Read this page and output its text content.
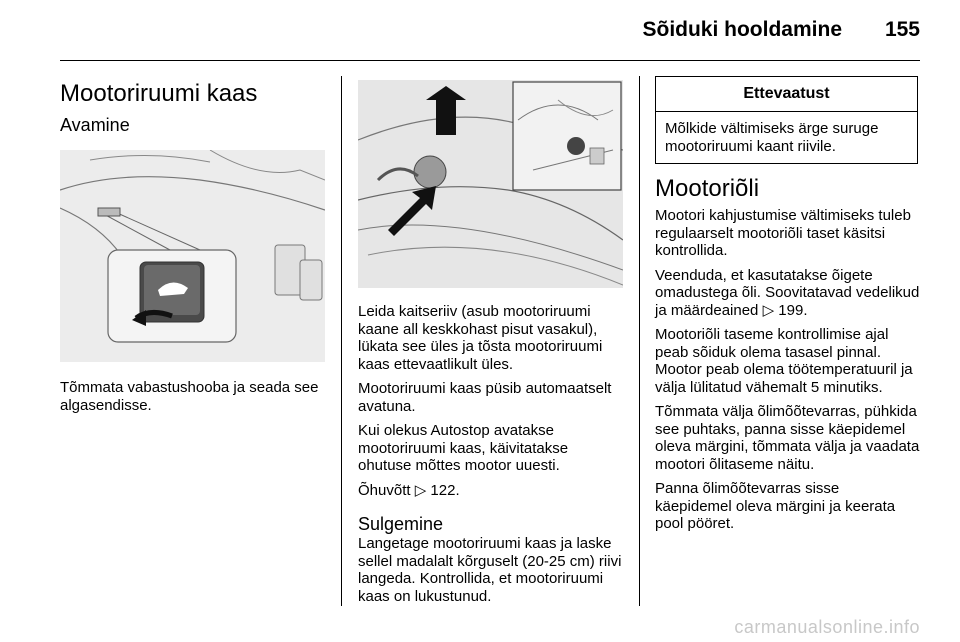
Sõiduki hooldamine 155
Mootoriruumi kaas
Avamine

Tõmmata vabastushooba ja seada see algasendisse.

Leida kaitseriiv (asub mootoriruumi kaane all keskkohast pisut vasakul), lükata see üles ja tõsta mootoriruumi kaas ettevaatlikult üles.

Mootoriruumi kaas püsib automaatselt avatuna.

Kui olekus Autostop avatakse mootoriruumi kaas, käivitatakse ohutuse mõttes mootor uuesti.

Õhuvõtt ▷ 122.

Sulgemine

Langetage mootoriruumi kaas ja laske sellel madalalt kõrguselt (20-25 cm) riivi langeda. Kontrollida, et mootoriruumi kaas on lukustunud.

Ettevaatust
Mõlkide vältimiseks ärge suruge mootoriruumi kaant riivile.
Mootoriõli

Mootori kahjustumise vältimiseks tuleb regulaarselt mootoriõli taset käsitsi kontrollida.

Veenduda, et kasutatakse õigete omadustega õli. Soovitatavad vedelikud ja määrdeained ▷ 199.

Mootoriõli taseme kontrollimise ajal peab sõiduk olema tasasel pinnal. Mootor peab olema töötemperatuuril ja välja lülitatud vähemalt 5 minutiks.

Tõmmata välja õlimõõtevarras, pühkida see puhtaks, panna sisse käepidemel oleva märgini, tõmmata välja ja vaadata mootori õlitaseme näitu.

Panna õlimõõtevarras sisse käepidemel oleva märgini ja keerata pool pööret.

carmanualsonline.info
